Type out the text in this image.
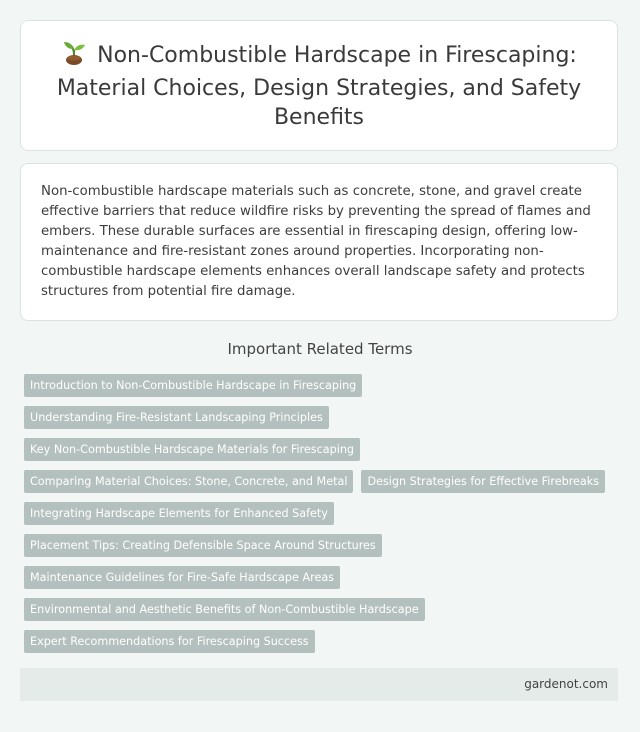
Non-Combustible Hardscape in Firescaping: Material Choices, Design Strategies, and Safety Benefits

Non-combustible hardscape materials such as concrete, stone, and gravel create effective barriers that reduce wildfire risks by preventing the spread of flames and embers. These durable surfaces are essential in firescaping design, offering low-maintenance and fire-resistant zones around properties. Incorporating non-combustible hardscape elements enhances overall landscape safety and protects structures from potential fire damage.

Important Related Terms
Introduction to Non-Combustible Hardscape in Firescaping
Understanding Fire-Resistant Landscaping Principles
Key Non-Combustible Hardscape Materials for Firescaping
Comparing Material Choices: Stone, Concrete, and Metal	Design Strategies for Effective Firebreaks
Integrating Hardscape Elements for Enhanced Safety
Placement Tips: Creating Defensible Space Around Structures
Maintenance Guidelines for Fire-Safe Hardscape Areas
Environmental and Aesthetic Benefits of Non-Combustible Hardscape
Expert Recommendations for Firescaping Success
gardenot.com
